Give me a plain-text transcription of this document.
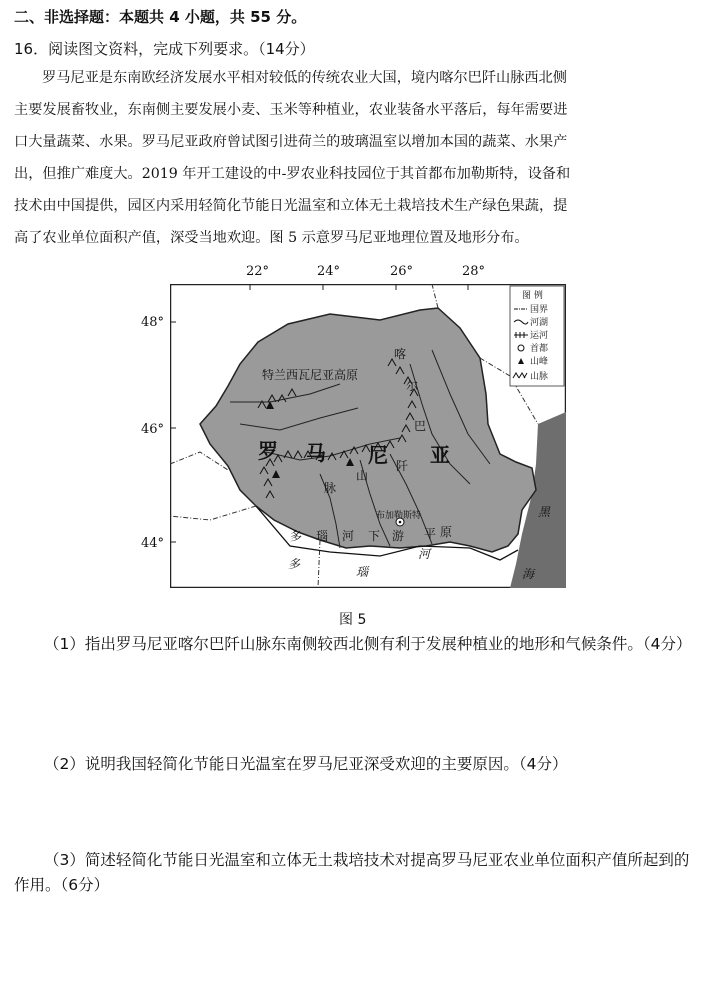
二、非选择题：本题共 4 小题，共 55 分。
16．阅读图文资料，完成下列要求。（14分）
罗马尼亚是东南欧经济发展水平相对较低的传统农业大国，境内喀尔巴阡山脉西北侧
主要发展畜牧业，东南侧主要发展小麦、玉米等种植业，农业装备水平落后，每年需要进
口大量蔬菜、水果。罗马尼亚政府曾试图引进荷兰的玻璃温室以增加本国的蔬菜、水果产
出，但推广难度大。2019 年开工建设的中-罗农业科技园位于其首都布加勒斯特，设备和
技术由中国提供，园区内采用轻简化节能日光温室和立体无土栽培技术生产绿色果蔬，提
高了农业单位面积产值，深受当地欢迎。图 5 示意罗马尼亚地理位置及地形分布。
22°	24°	26°	28°
48°
46°
44°
特兰西瓦尼亚高原
罗 马 尼 亚
喀
尔
巴
阡
山
脉
布加勒斯特
多 瑙 河 下 游 平 原
多
瑙
河
黑
海
图 例
国界
河湖
运河
首都
山峰
山脉
图 5
（1）指出罗马尼亚喀尔巴阡山脉东南侧较西北侧有利于发展种植业的地形和气候条件。（4分）
（2）说明我国轻简化节能日光温室在罗马尼亚深受欢迎的主要原因。（4分）
（3）简述轻简化节能日光温室和立体无土栽培技术对提高罗马尼亚农业单位面积产值所起到的作用。（6分）
